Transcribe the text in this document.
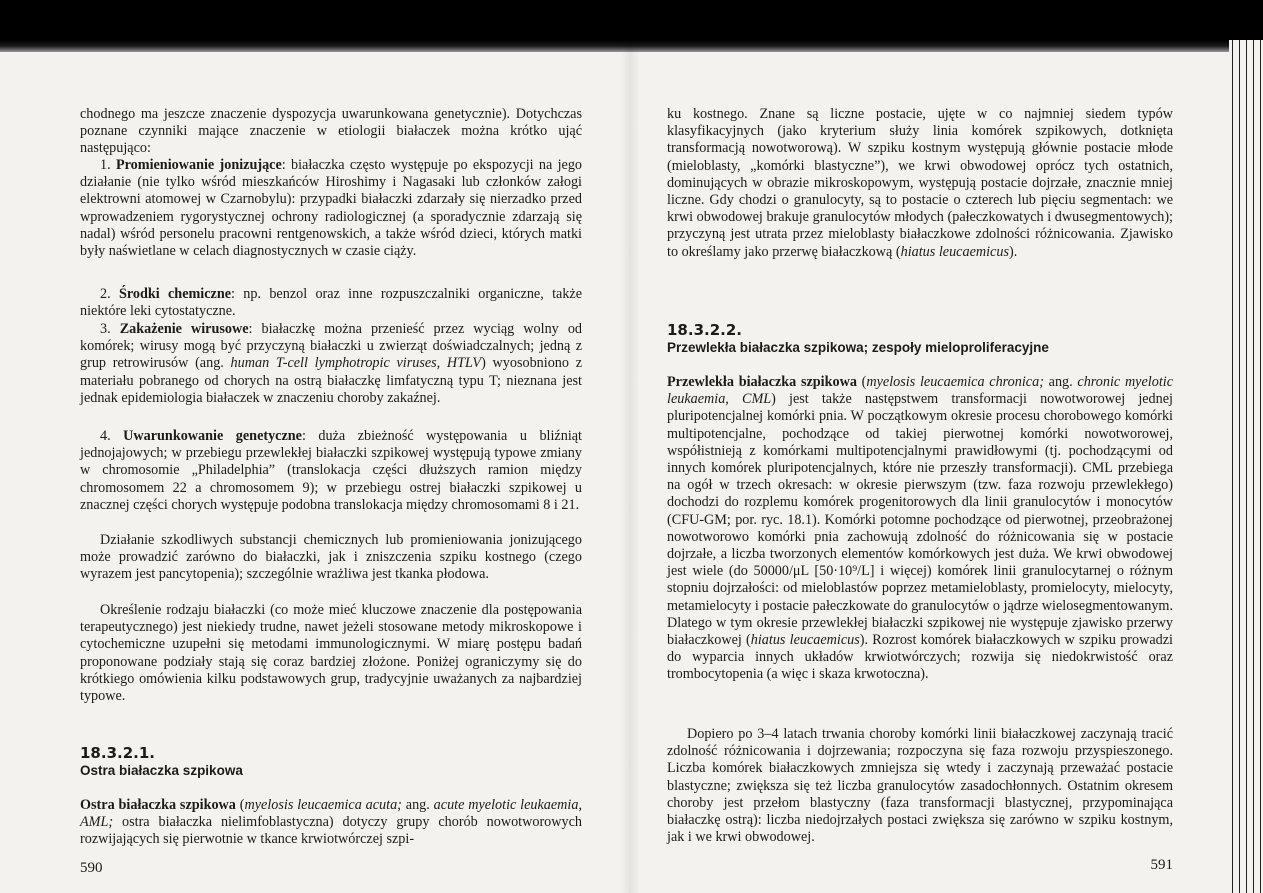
chodnego ma jeszcze znaczenie dyspozycja uwarunkowana genetycznie). Dotychczas poznane czynniki mające znaczenie w etiologii białaczek można krótko ująć następująco:

1. Promieniowanie jonizujące: białaczka często występuje po ekspozycji na jego działanie (nie tylko wśród mieszkańców Hiroshimy i Nagasaki lub członków załogi elektrowni atomowej w Czarnobylu): przypadki białaczki zdarzały się nierzadko przed wprowadzeniem rygorystycznej ochrony radiologicznej (a sporadycznie zdarzają się nadal) wśród personelu pracowni rentgenowskich, a także wśród dzieci, których matki były naświetlane w celach diagnostycznych w czasie ciąży.

2. Środki chemiczne: np. benzol oraz inne rozpuszczalniki organiczne, także niektóre leki cytostatyczne.

3. Zakażenie wirusowe: białaczkę można przenieść przez wyciąg wolny od komórek; wirusy mogą być przyczyną białaczki u zwierząt doświadczalnych; jedną z grup retrowirusów (ang. human T-cell lymphotropic viruses, HTLV) wyosobniono z materiału pobranego od chorych na ostrą białaczkę limfatyczną typu T; nieznana jest jednak epidemiologia białaczek w znaczeniu choroby zakaźnej.

4. Uwarunkowanie genetyczne: duża zbieżność występowania u bliźniąt jednojajowych; w przebiegu przewlekłej białaczki szpikowej występują typowe zmiany w chromosomie „Philadelphia” (translokacja części dłuższych ramion między chromosomem 22 a chromosomem 9); w przebiegu ostrej białaczki szpikowej u znacznej części chorych występuje podobna translokacja między chromosomami 8 i 21.

Działanie szkodliwych substancji chemicznych lub promieniowania jonizującego może prowadzić zarówno do białaczki, jak i zniszczenia szpiku kostnego (czego wyrazem jest pancytopenia); szczególnie wrażliwa jest tkanka płodowa.

Określenie rodzaju białaczki (co może mieć kluczowe znaczenie dla postępowania terapeutycznego) jest niekiedy trudne, nawet jeżeli stosowane metody mikroskopowe i cytochemiczne uzupełni się metodami immunologicznymi. W miarę postępu badań proponowane podziały stają się coraz bardziej złożone. Poniżej ograniczymy się do krótkiego omówienia kilku podstawowych grup, tradycyjnie uważanych za najbardziej typowe.

18.3.2.1.

Ostra białaczka szpikowa

Ostra białaczka szpikowa (myelosis leucaemica acuta; ang. acute myelotic leukaemia, AML; ostra białaczka nielimfoblastyczna) dotyczy grupy chorób nowotworowych rozwijających się pierwotnie w tkance krwiotwórczej szpi-

590

ku kostnego. Znane są liczne postacie, ujęte w co najmniej siedem typów klasyfikacyjnych (jako kryterium służy linia komórek szpikowych, dotknięta transformacją nowotworową). W szpiku kostnym występują głównie postacie młode (mieloblasty, „komórki blastyczne”), we krwi obwodowej oprócz tych ostatnich, dominujących w obrazie mikroskopowym, występują postacie dojrzałe, znacznie mniej liczne. Gdy chodzi o granulocyty, są to postacie o czterech lub pięciu segmentach: we krwi obwodowej brakuje granulocytów młodych (pałeczkowatych i dwusegmentowych); przyczyną jest utrata przez mieloblasty białaczkowe zdolności różnicowania. Zjawisko to określamy jako przerwę białaczkową (hiatus leucaemicus).

18.3.2.2.

Przewlekła białaczka szpikowa; zespoły mieloproliferacyjne

Przewlekła białaczka szpikowa (myelosis leucaemica chronica; ang. chronic myelotic leukaemia, CML) jest także następstwem transformacji nowotworowej jednej pluripotencjalnej komórki pnia. W początkowym okresie procesu chorobowego komórki multipotencjalne, pochodzące od takiej pierwotnej komórki nowotworowej, współistnieją z komórkami multipotencjalnymi prawidłowymi (tj. pochodzącymi od innych komórek pluripotencjalnych, które nie przeszły transformacji). CML przebiega na ogół w trzech okresach: w okresie pierwszym (tzw. faza rozwoju przewlekłego) dochodzi do rozplemu komórek progenitorowych dla linii granulocytów i monocytów (CFU-GM; por. ryc. 18.1). Komórki potomne pochodzące od pierwotnej, przeobrażonej nowotworowo komórki pnia zachowują zdolność do różnicowania się w postacie dojrzałe, a liczba tworzonych elementów komórkowych jest duża. We krwi obwodowej jest wiele (do 50000/μL [50·10⁹/L] i więcej) komórek linii granulocytarnej o różnym stopniu dojrzałości: od mieloblastów poprzez metamieloblasty, promielocyty, mielocyty, metamielocyty i postacie pałeczkowate do granulocytów o jądrze wielosegmentowanym. Dlatego w tym okresie przewlekłej białaczki szpikowej nie występuje zjawisko przerwy białaczkowej (hiatus leucaemicus). Rozrost komórek białaczkowych w szpiku prowadzi do wyparcia innych układów krwiotwórczych; rozwija się niedokrwistość oraz trombocytopenia (a więc i skaza krwotoczna).

Dopiero po 3–4 latach trwania choroby komórki linii białaczkowej zaczynają tracić zdolność różnicowania i dojrzewania; rozpoczyna się faza rozwoju przyspieszonego. Liczba komórek białaczkowych zmniejsza się wtedy i zaczynają przeważać postacie blastyczne; zwiększa się też liczba granulocytów zasadochłonnych. Ostatnim okresem choroby jest przełom blastyczny (faza transformacji blastycznej, przypominająca białaczkę ostrą): liczba niedojrzałych postaci zwiększa się zarówno w szpiku kostnym, jak i we krwi obwodowej.

591
